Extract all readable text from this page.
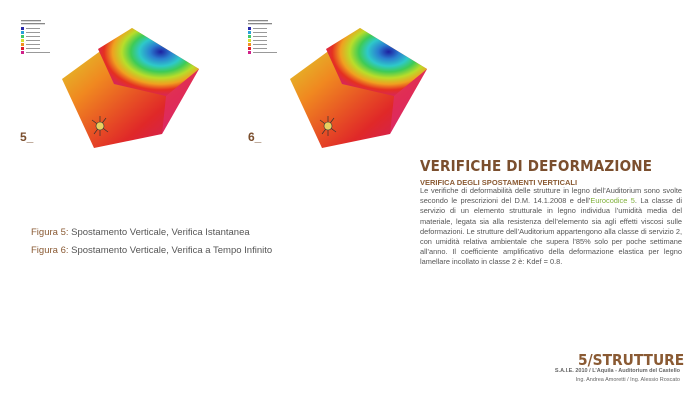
5_	6_
Figura 5: Spostamento Verticale, Verifica Istantanea
Figura 6: Spostamento Verticale, Verifica a Tempo Infinito
VERIFICHE DI DEFORMAZIONE
VERIFICA DEGLI SPOSTAMENTI VERTICALI
Le verifiche di deformabilità delle strutture in legno dell’Auditorium sono svolte secondo le prescrizioni del D.M. 14.1.2008 e dell’Eurocodice 5. La classe di servizio di un elemento strutturale in legno individua l’umidità media del materiale, legata sia alla resistenza dell’elemento sia agli effetti viscosi sulle deformazioni. Le strutture dell’Auditorium appartengono alla classe di servizio 2, con umidità relativa ambientale che supera l’85% solo per poche settimane all’anno. Il coefficiente amplificativo della deformazione elastica per legno lamellare incollato in classe 2 è: Kdef = 0.8.
5/STRUTTURE
S.A.I.E. 2010 / L’Aquila - Auditorium del Castello
Ing. Andrea Amoretti / Ing. Alessio Roscato
